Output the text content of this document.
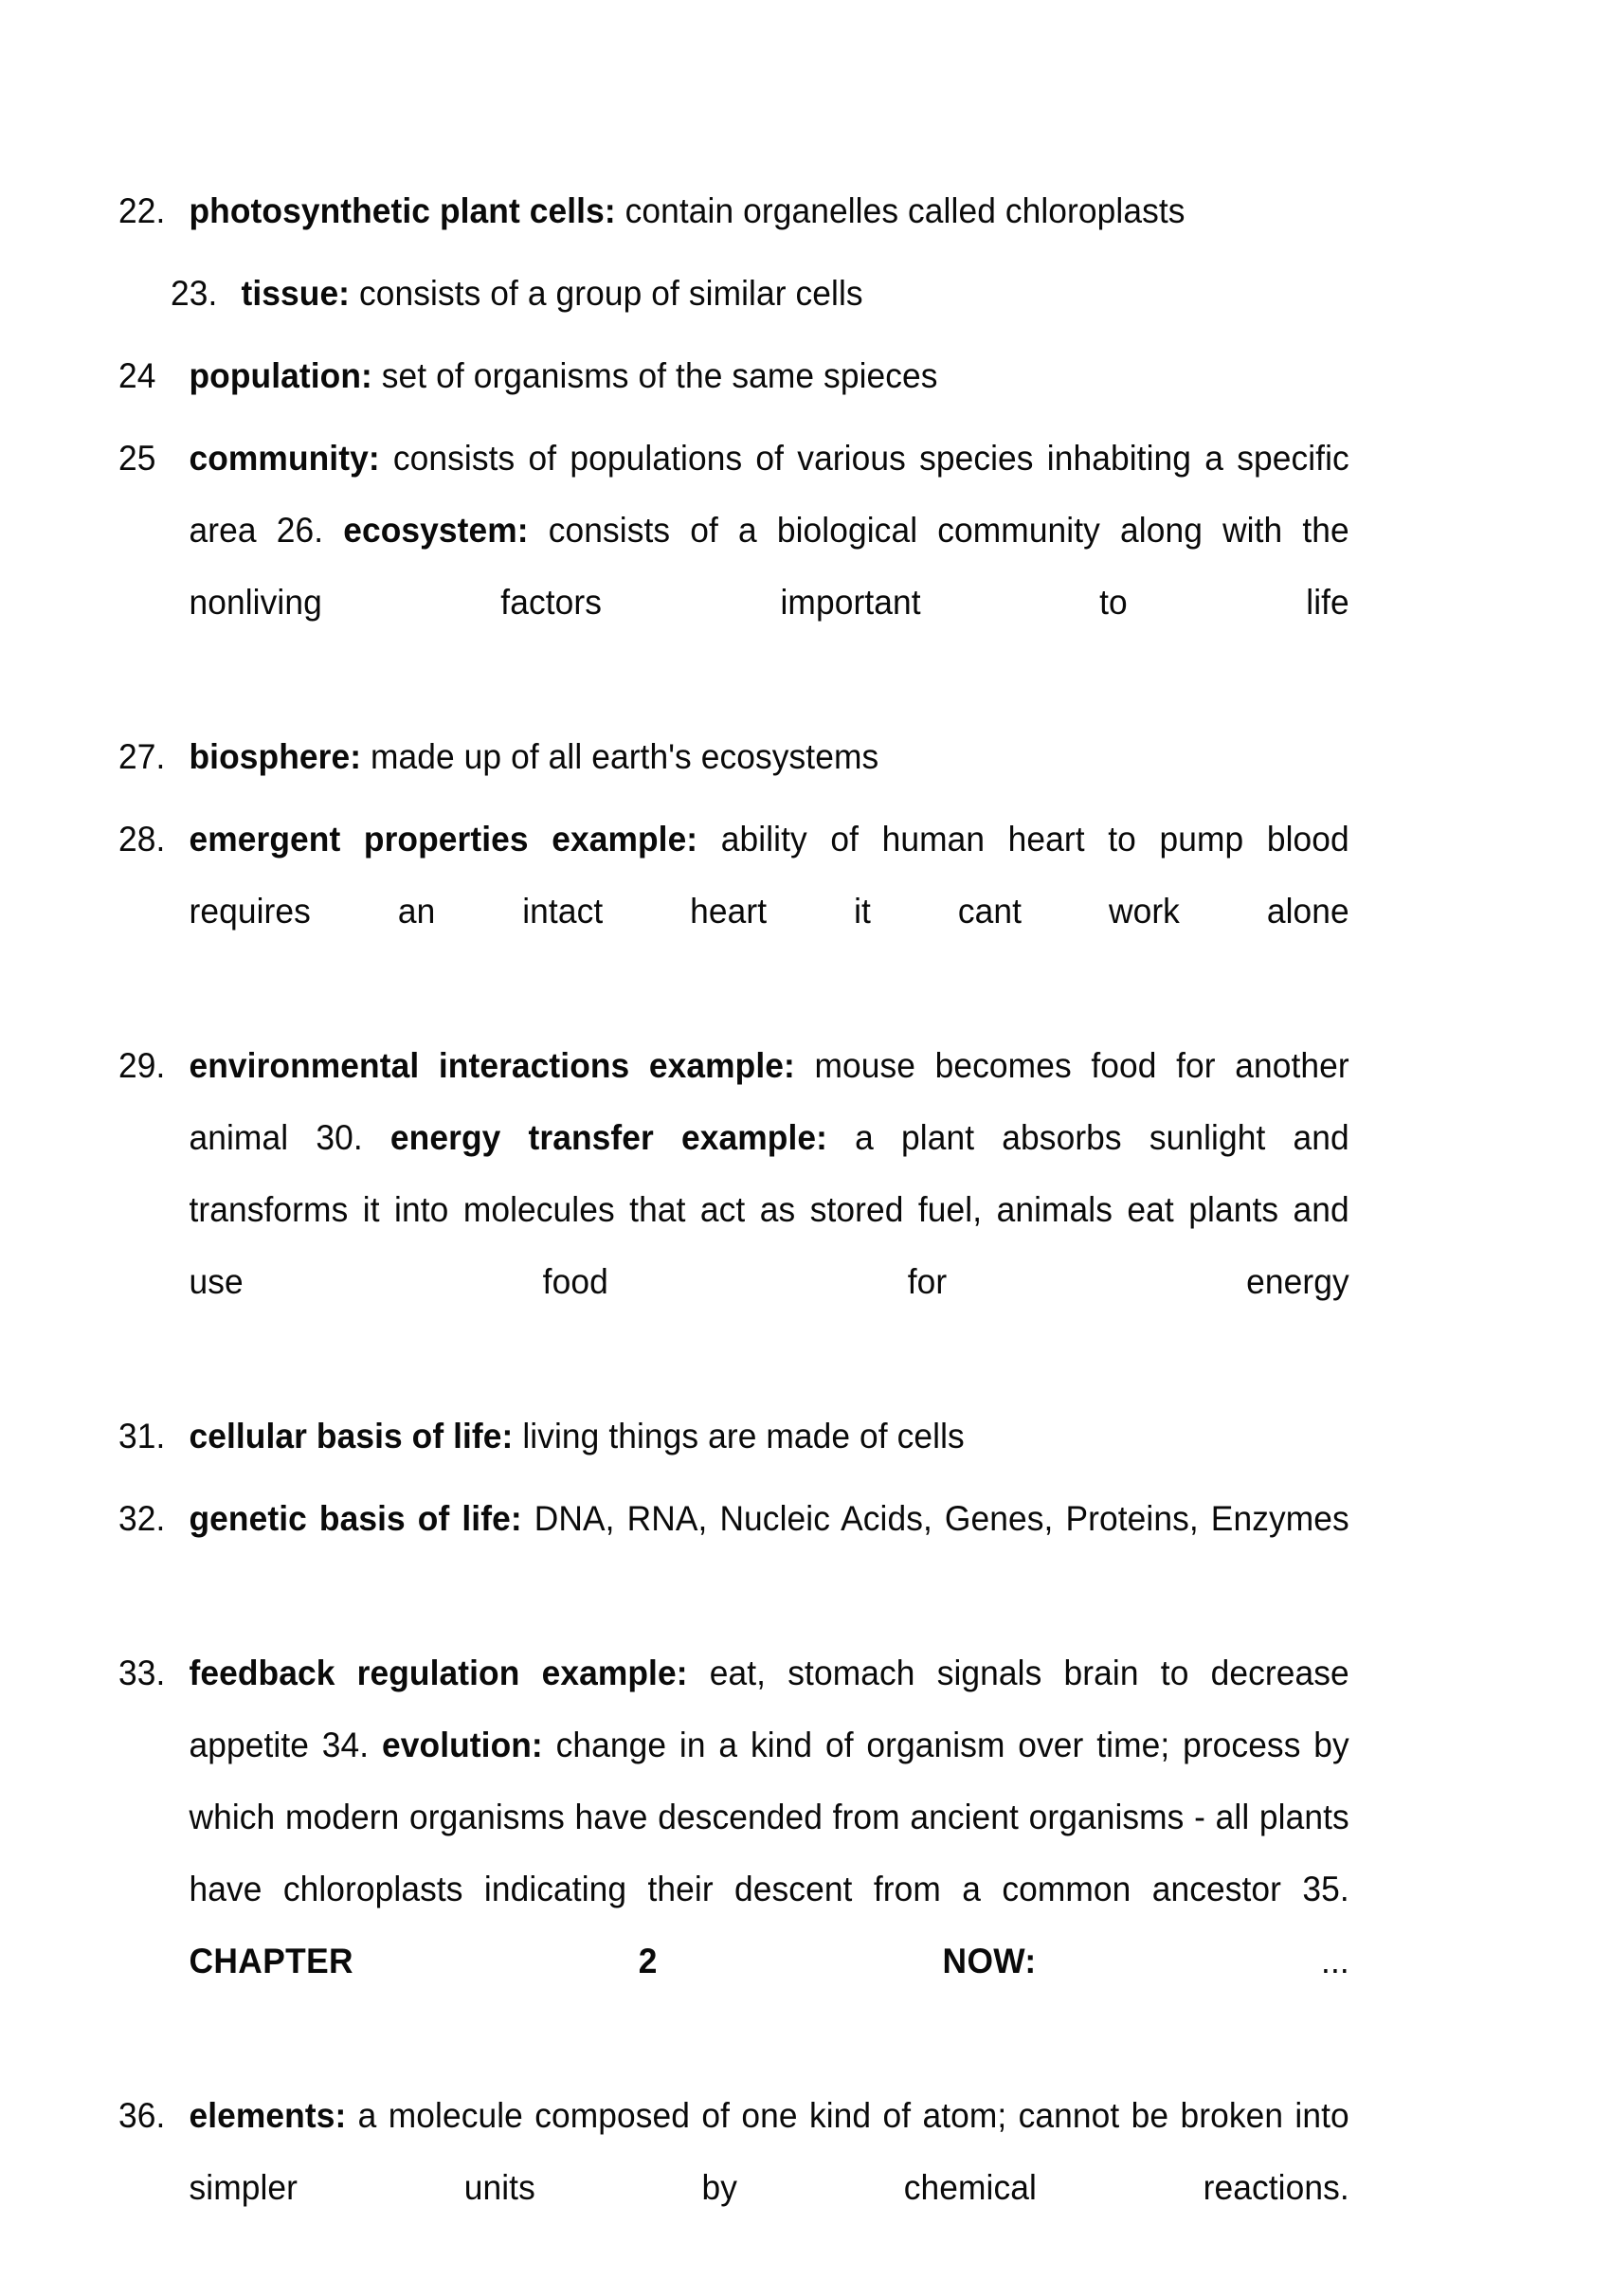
22. photosynthetic plant cells: contain organelles called chloroplasts
23. tissue: consists of a group of similar cells
24 population: set of organisms of the same spieces
25 community: consists of populations of various species inhabiting a specific area 26. ecosystem: consists of a biological community along with the nonliving factors important to life
27. biosphere: made up of all earth's ecosystems
28. emergent properties example: ability of human heart to pump blood requires an intact heart it cant work alone
29. environmental interactions example: mouse becomes food for another animal 30. energy transfer example: a plant absorbs sunlight and transforms it into molecules that act as stored fuel, animals eat plants and use food for energy
31. cellular basis of life: living things are made of cells
32. genetic basis of life: DNA, RNA, Nucleic Acids, Genes, Proteins, Enzymes
33. feedback regulation example: eat, stomach signals brain to decrease appetite 34. evolution: change in a kind of organism over time; process by which modern organisms have descended from ancient organisms - all plants have chloroplasts indicating their descent from a common ancestor 35. CHAPTER 2 NOW: ...
36. elements: a molecule composed of one kind of atom; cannot be broken into simpler units by chemical reactions.
